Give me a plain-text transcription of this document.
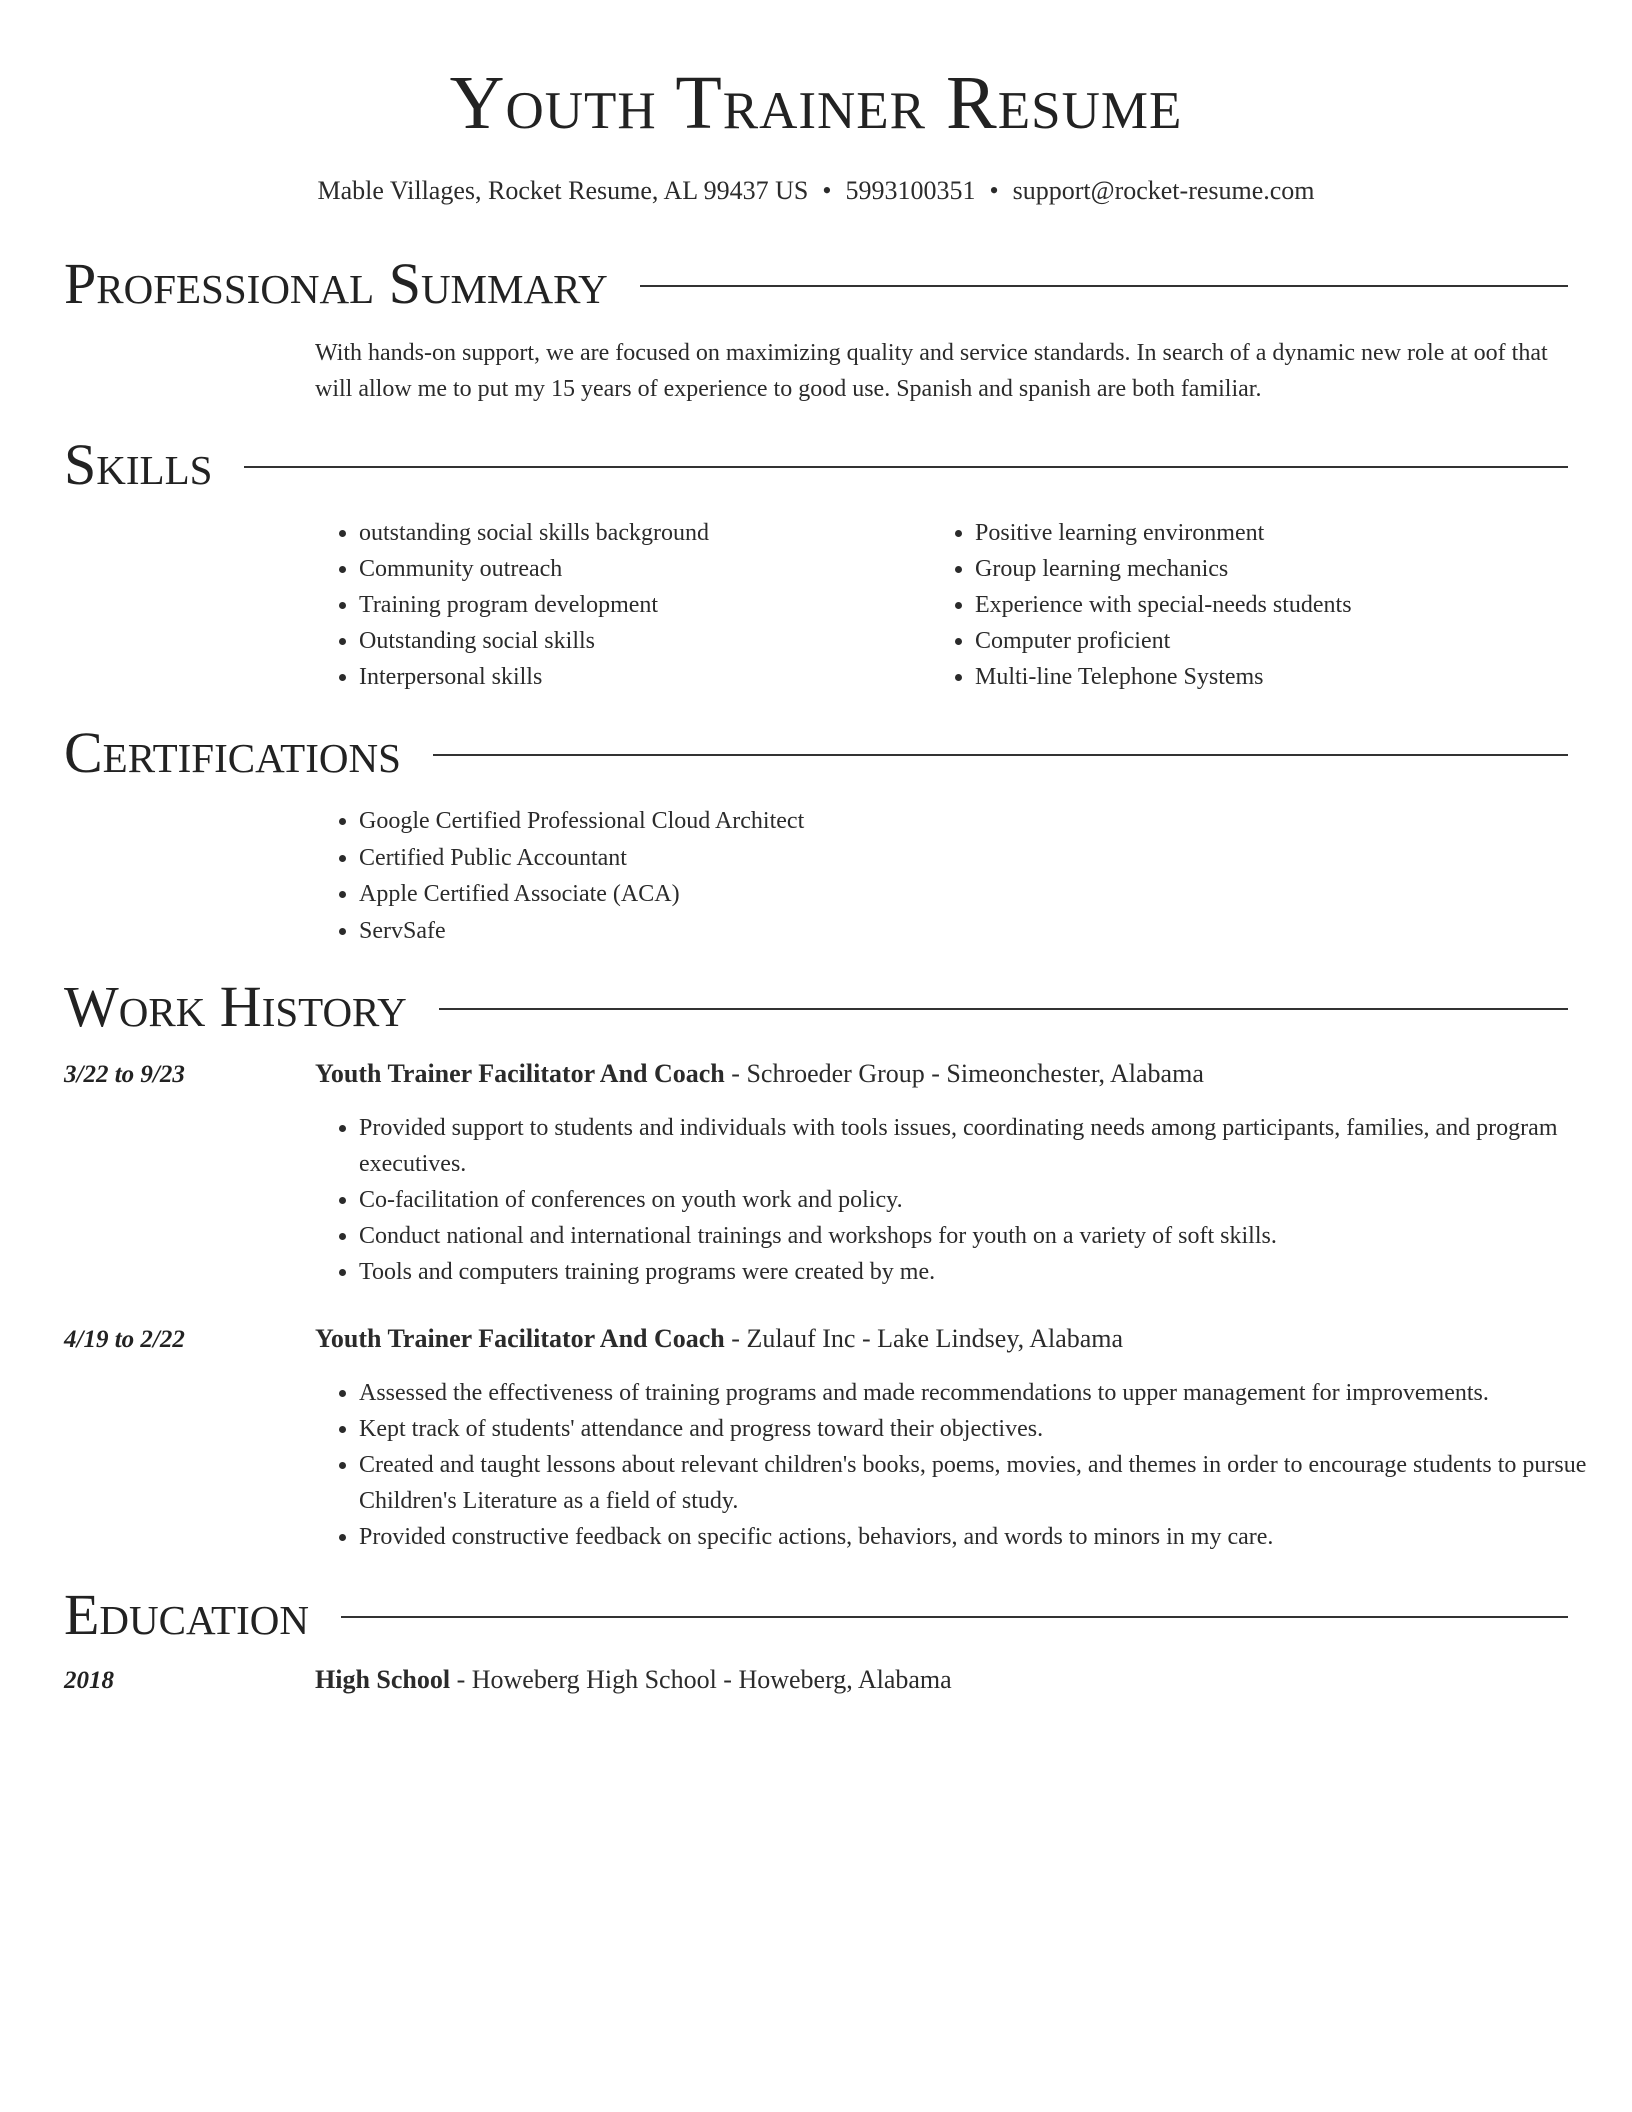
Youth Trainer Resume
Mable Villages, Rocket Resume, AL 99437 US • 5993100351 • support@rocket-resume.com
Professional Summary

With hands-on support, we are focused on maximizing quality and service standards. In search of a dynamic new role at oof that will allow me to put my 15 years of experience to good use. Spanish and spanish are both familiar.

Skills
• outstanding social skills background
• Community outreach
• Training program development
• Outstanding social skills
• Interpersonal skills
• Positive learning environment
• Group learning mechanics
• Experience with special-needs students
• Computer proficient
• Multi-line Telephone Systems
Certifications
• Google Certified Professional Cloud Architect
• Certified Public Accountant
• Apple Certified Associate (ACA)
• ServSafe
Work History
3/22 to 9/23	Youth Trainer Facilitator And Coach - Schroeder Group - Simeonchester, Alabama
• Provided support to students and individuals with tools issues, coordinating needs among participants, families, and program executives.
• Co-facilitation of conferences on youth work and policy.
• Conduct national and international trainings and workshops for youth on a variety of soft skills.
• Tools and computers training programs were created by me.
4/19 to 2/22	Youth Trainer Facilitator And Coach - Zulauf Inc - Lake Lindsey, Alabama
• Assessed the effectiveness of training programs and made recommendations to upper management for improvements.
• Kept track of students' attendance and progress toward their objectives.
• Created and taught lessons about relevant children's books, poems, movies, and themes in order to encourage students to pursue Children's Literature as a field of study.
• Provided constructive feedback on specific actions, behaviors, and words to minors in my care.
Education
2018	High School - Howeberg High School - Howeberg, Alabama
